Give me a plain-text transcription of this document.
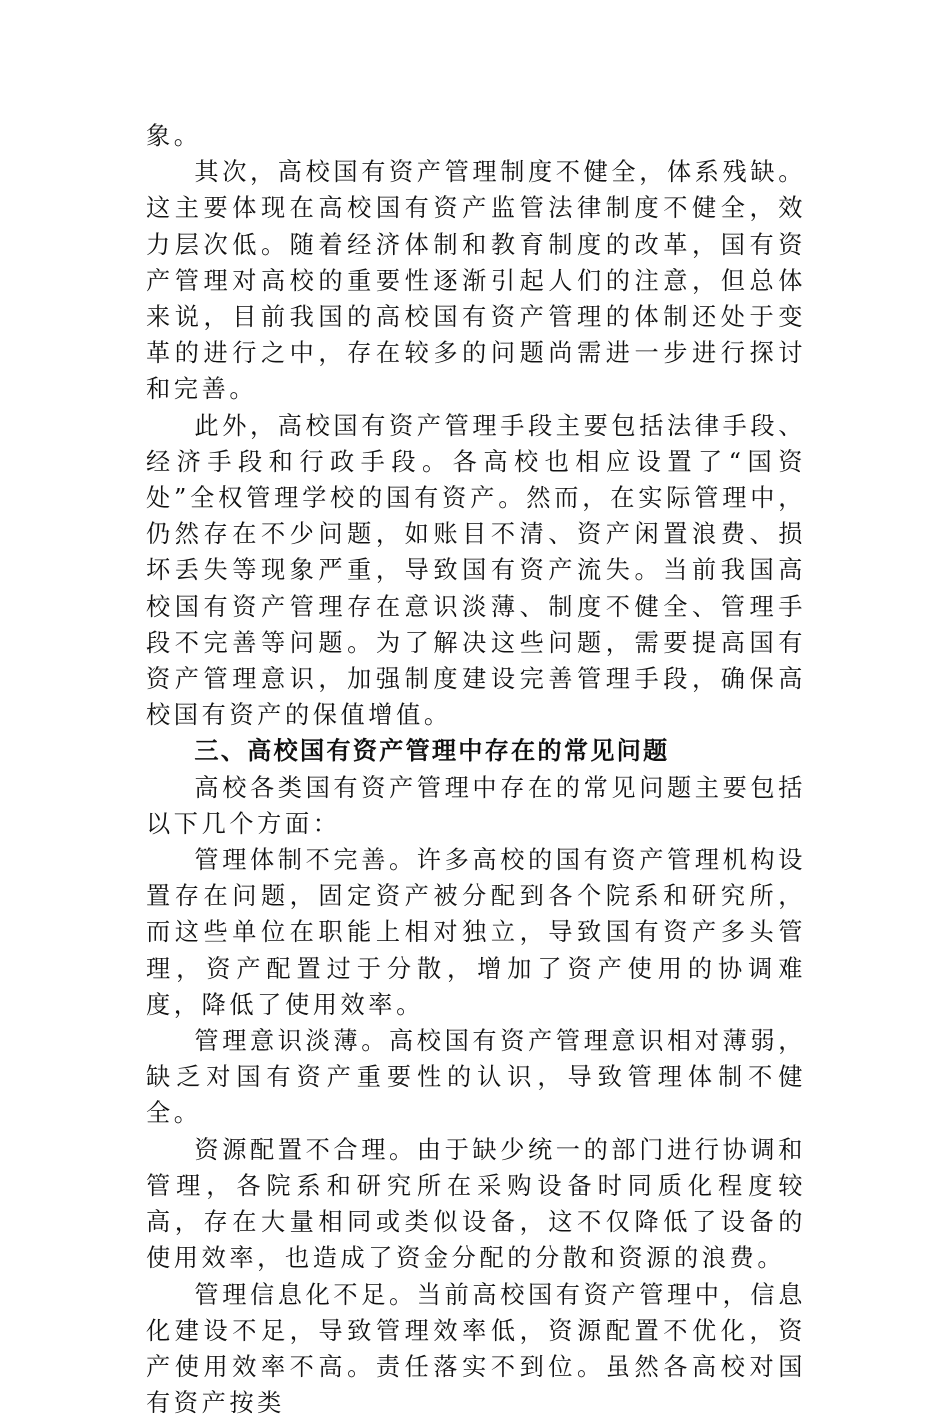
象。

其次，高校国有资产管理制度不健全，体系残缺。这主要体现在高校国有资产监管法律制度不健全，效力层次低。随着经济体制和教育制度的改革，国有资产管理对高校的重要性逐渐引起人们的注意，但总体来说，目前我国的高校国有资产管理的体制还处于变革的进行之中，存在较多的问题尚需进一步进行探讨和完善。

此外，高校国有资产管理手段主要包括法律手段、经济手段和行政手段。各高校也相应设置了“国资处”全权管理学校的国有资产。然而，在实际管理中，仍然存在不少问题，如账目不清、资产闲置浪费、损坏丢失等现象严重，导致国有资产流失。当前我国高校国有资产管理存在意识淡薄、制度不健全、管理手段不完善等问题。为了解决这些问题，需要提高国有资产管理意识，加强制度建设完善管理手段，确保高校国有资产的保值增值。

三、高校国有资产管理中存在的常见问题

高校各类国有资产管理中存在的常见问题主要包括以下几个方面：

管理体制不完善。许多高校的国有资产管理机构设置存在问题，固定资产被分配到各个院系和研究所，而这些单位在职能上相对独立，导致国有资产多头管理，资产配置过于分散，增加了资产使用的协调难度，降低了使用效率。

管理意识淡薄。高校国有资产管理意识相对薄弱，缺乏对国有资产重要性的认识，导致管理体制不健全。

资源配置不合理。由于缺少统一的部门进行协调和管理，各院系和研究所在采购设备时同质化程度较高，存在大量相同或类似设备，这不仅降低了设备的使用效率，也造成了资金分配的分散和资源的浪费。

管理信息化不足。当前高校国有资产管理中，信息化建设不足，导致管理效率低，资源配置不优化，资产使用效率不高。责任落实不到位。虽然各高校对国有资产按类
